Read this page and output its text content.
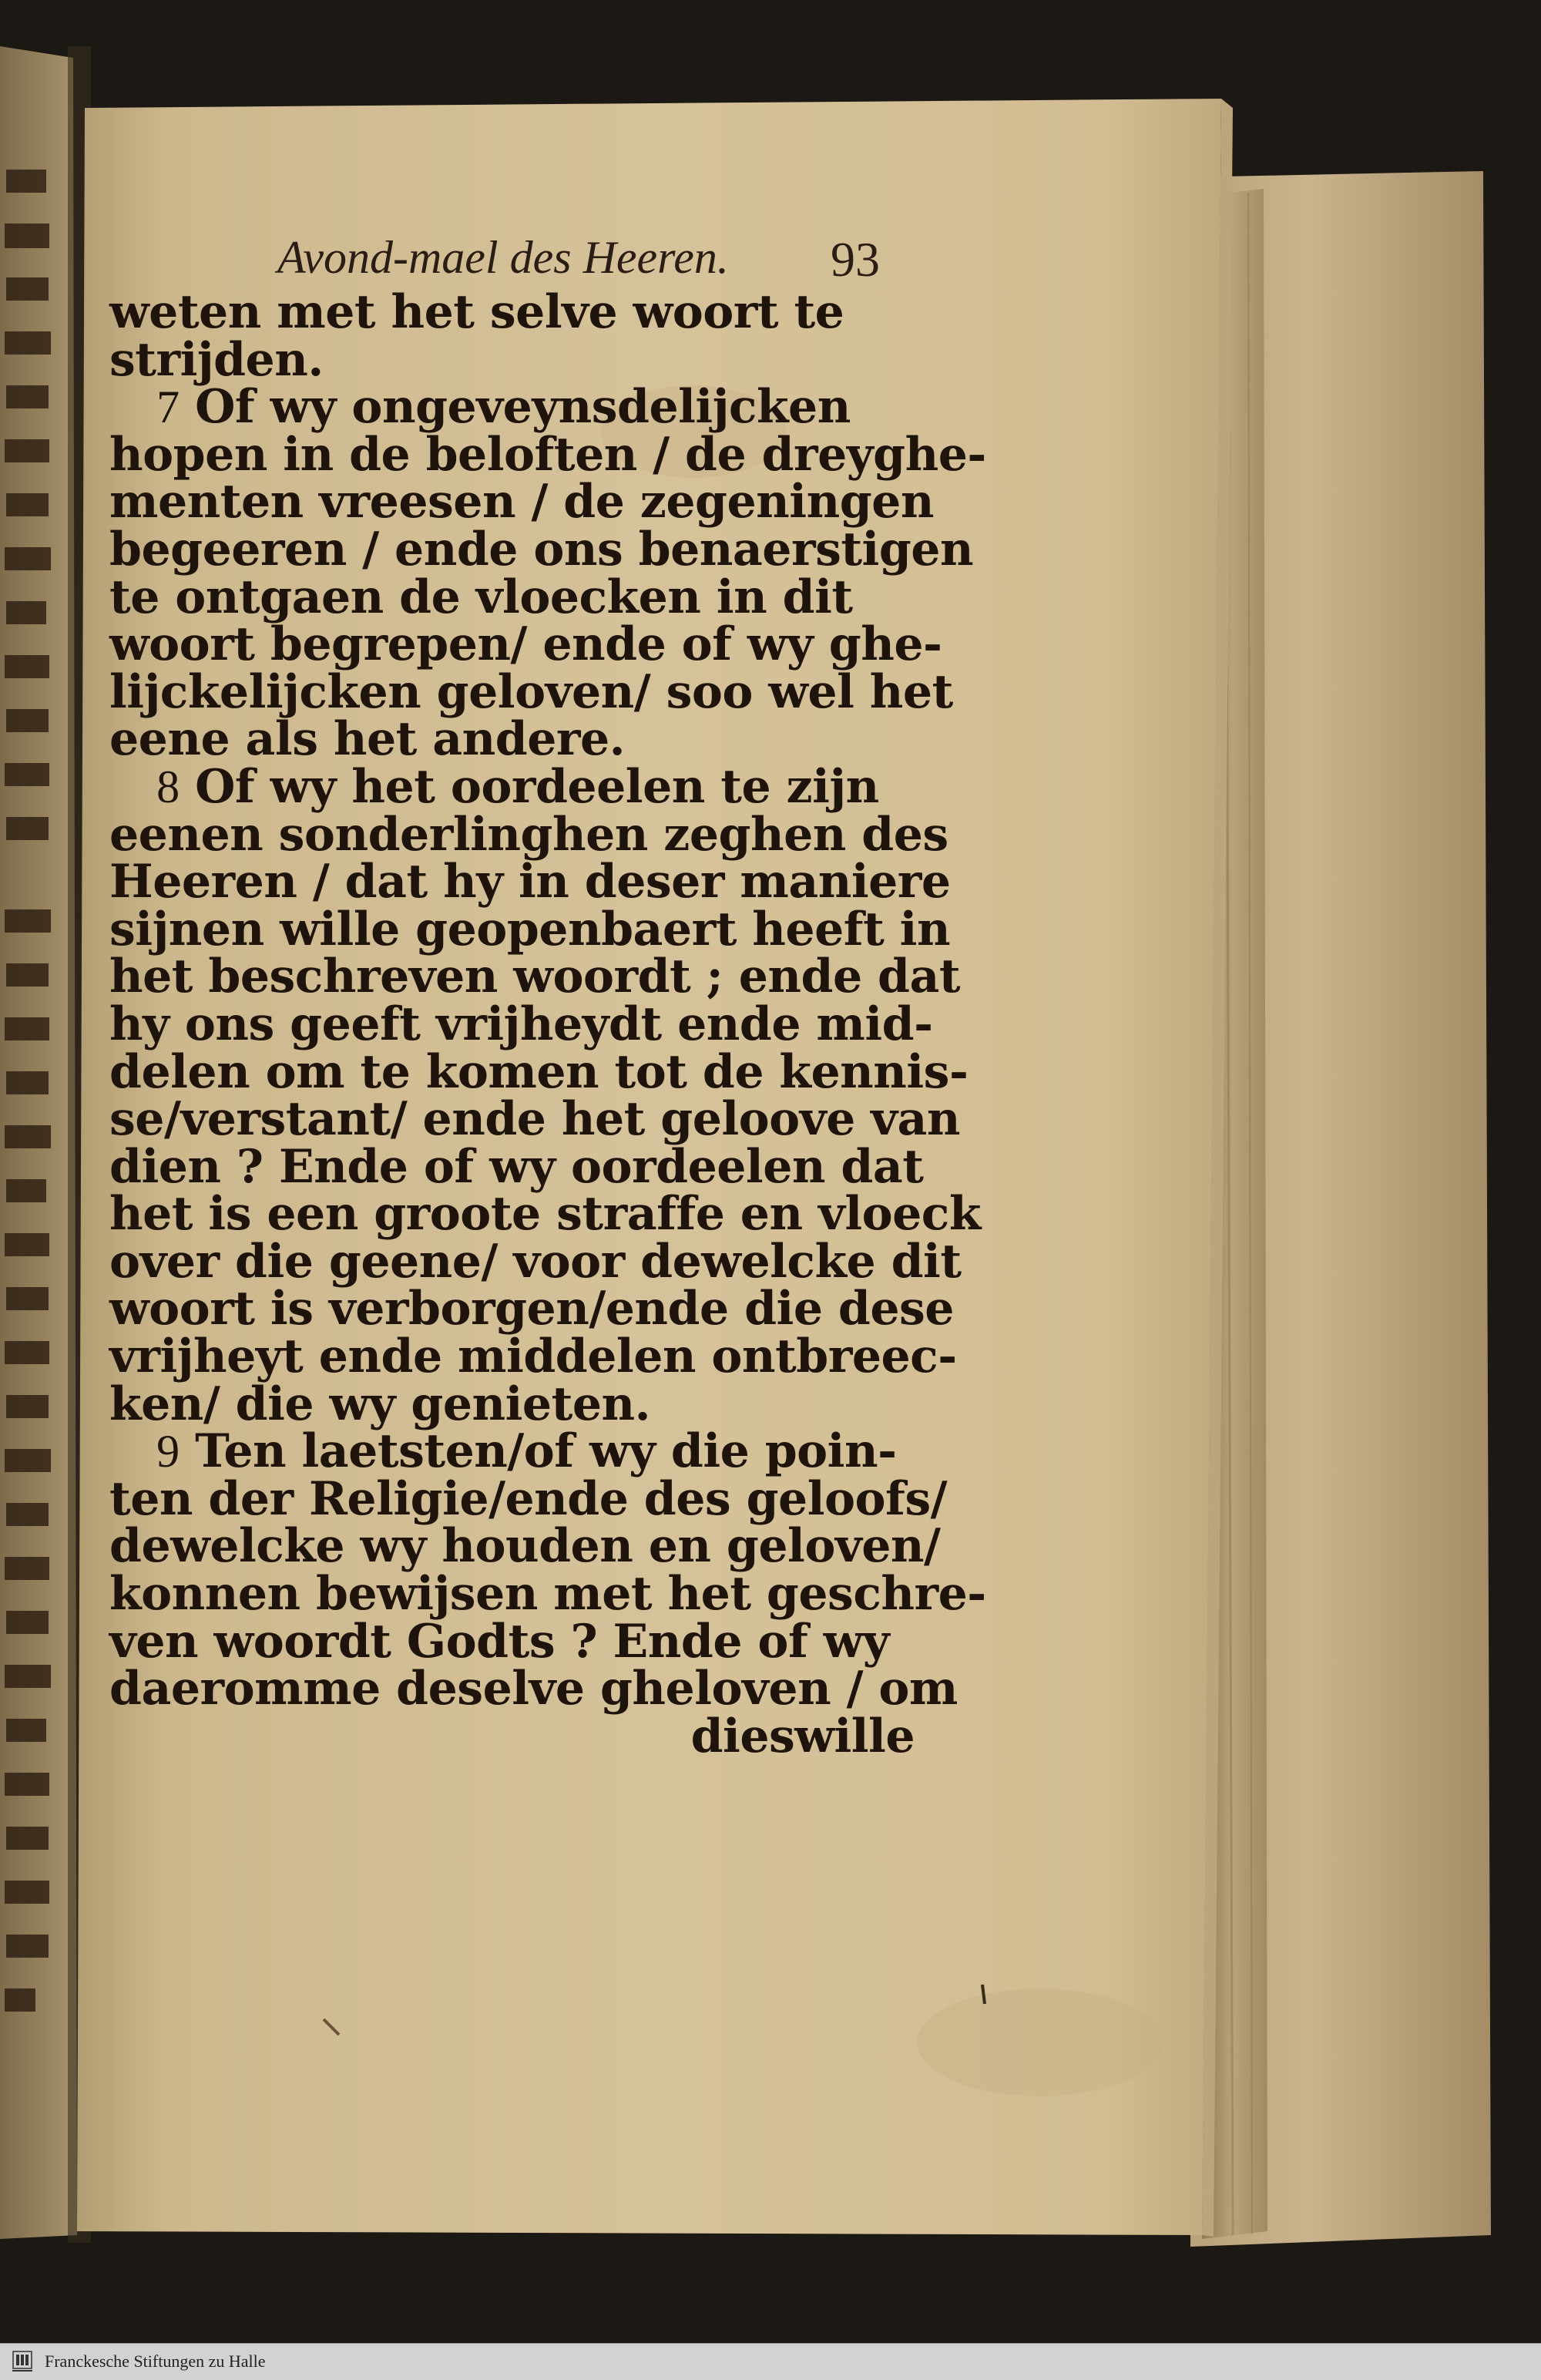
Avond-mael des Heeren. 93
weten met het selve woort te
strijden.
7 Of wy ongeveynsdelijcken
hopen in de beloften / de dreyghe-
menten vreesen / de zegeningen
begeeren / ende ons benaerstigen
te ontgaen de vloecken in dit
woort begrepen/ ende of wy ghe-
lijckelijcken geloven/ soo wel het
eene als het andere.
8 Of wy het oordeelen te zijn
eenen sonderlinghen zeghen des
Heeren / dat hy in deser maniere
sijnen wille geopenbaert heeft in
het beschreven woordt ; ende dat
hy ons geeft vrijheydt ende mid-
delen om te komen tot de kennis-
se/verstant/ ende het geloove van
dien ? Ende of wy oordeelen dat
het is een groote straffe en vloeck
over die geene/ voor dewelcke dit
woort is verborgen/ende die dese
vrijheyt ende middelen ontbreec-
ken/ die wy genieten.
9 Ten laetsten/of wy die poin-
ten der Religie/ende des geloofs/
dewelcke wy houden en geloven/
konnen bewijsen met het geschre-
ven woordt Godts ? Ende of wy
daeromme deselve gheloven / om
dieswille
Franckesche Stiftungen zu Halle
